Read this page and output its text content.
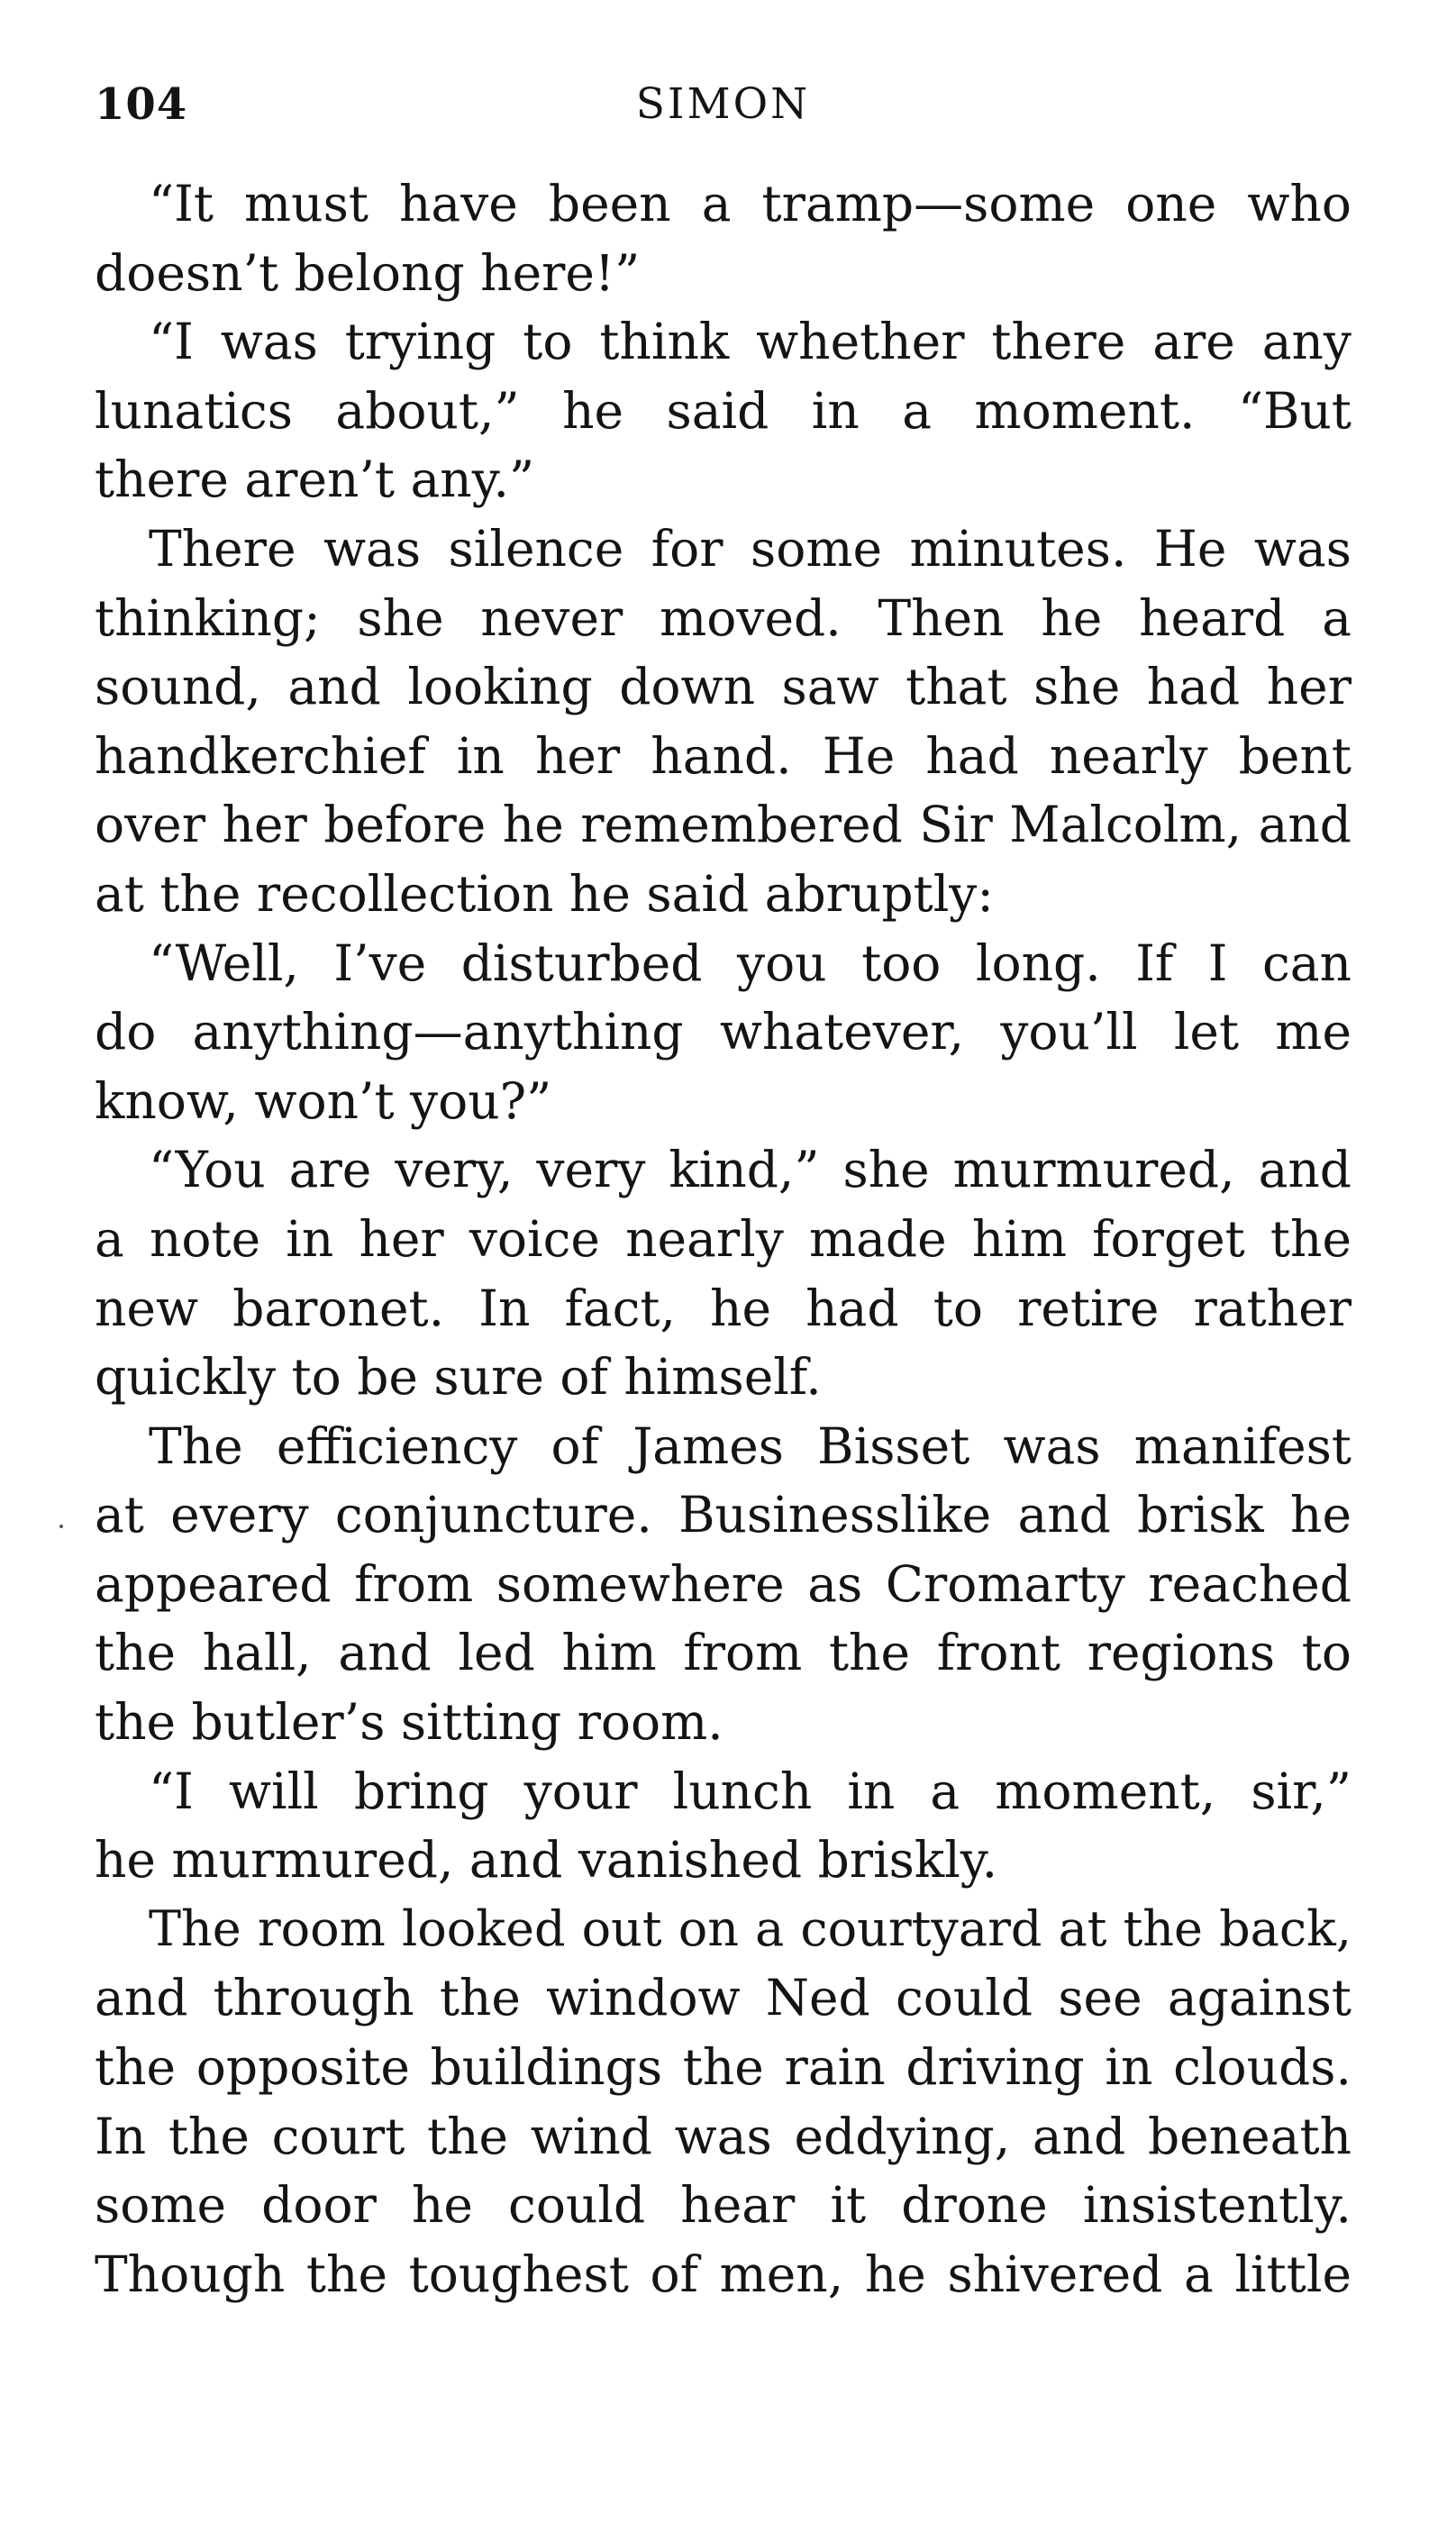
104	SIMON
“It must have been a tramp—some one who
doesn’t belong here!”
“I was trying to think whether there are any
lunatics about,” he said in a moment. “But
there aren’t any.”
There was silence for some minutes. He was
thinking; she never moved. Then he heard a
sound, and looking down saw that she had her
handkerchief in her hand. He had nearly bent
over her before he remembered Sir Malcolm, and
at the recollection he said abruptly:
“Well, I’ve disturbed you too long. If I can
do anything—anything whatever, you’ll let me
know, won’t you?”
“You are very, very kind,” she murmured, and
a note in her voice nearly made him forget the
new baronet. In fact, he had to retire rather
quickly to be sure of himself.
The efficiency of James Bisset was manifest
at every conjuncture. Businesslike and brisk he
appeared from somewhere as Cromarty reached
the hall, and led him from the front regions to
the butler’s sitting room.
“I will bring your lunch in a moment, sir,”
he murmured, and vanished briskly.
The room looked out on a courtyard at the back,
and through the window Ned could see against
the opposite buildings the rain driving in clouds.
In the court the wind was eddying, and beneath
some door he could hear it drone insistently.
Though the toughest of men, he shivered a little
